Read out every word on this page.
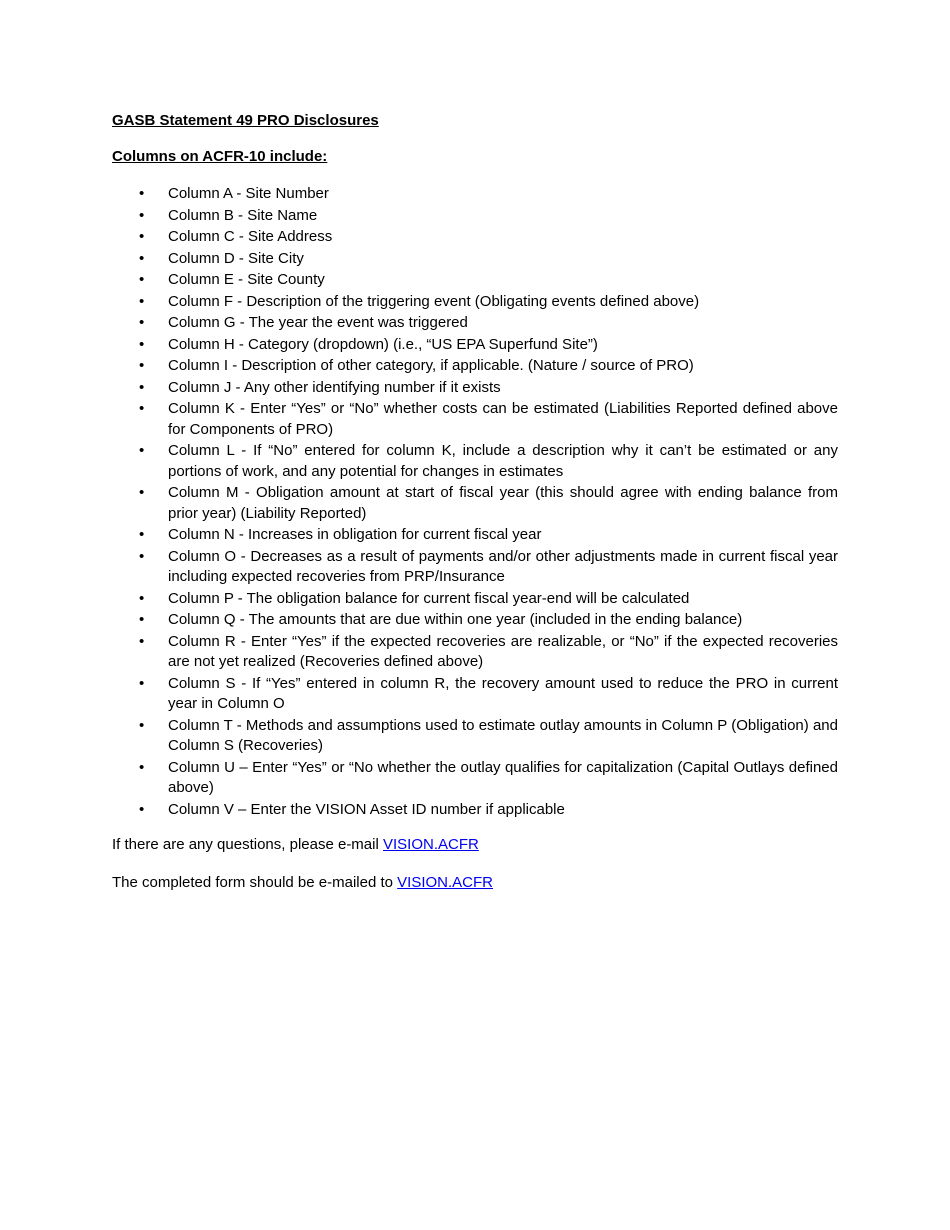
GASB Statement 49 PRO Disclosures

Columns on ACFR-10 include:

• Column A - Site Number
• Column B - Site Name
• Column C - Site Address
• Column D - Site City
• Column E - Site County
• Column F - Description of the triggering event (Obligating events defined above)
• Column G - The year the event was triggered
• Column H - Category (dropdown) (i.e., “US EPA Superfund Site”)
• Column I - Description of other category, if applicable. (Nature / source of PRO)
• Column J - Any other identifying number if it exists
• Column K - Enter “Yes” or “No” whether costs can be estimated (Liabilities Reported defined above for Components of PRO)
• Column L - If “No” entered for column K, include a description why it can’t be estimated or any portions of work, and any potential for changes in estimates
• Column M - Obligation amount at start of fiscal year (this should agree with ending balance from prior year) (Liability Reported)
• Column N - Increases in obligation for current fiscal year
• Column O - Decreases as a result of payments and/or other adjustments made in current fiscal year including expected recoveries from PRP/Insurance
• Column P - The obligation balance for current fiscal year-end will be calculated
• Column Q - The amounts that are due within one year (included in the ending balance)
• Column R - Enter “Yes” if the expected recoveries are realizable, or “No” if the expected recoveries are not yet realized (Recoveries defined above)
• Column S - If “Yes” entered in column R, the recovery amount used to reduce the PRO in current year in Column O
• Column T - Methods and assumptions used to estimate outlay amounts in Column P (Obligation) and Column S (Recoveries)
• Column U – Enter “Yes” or “No whether the outlay qualifies for capitalization (Capital Outlays defined above)
• Column V – Enter the VISION Asset ID number if applicable

If there are any questions, please e-mail VISION.ACFR

The completed form should be e-mailed to VISION.ACFR
